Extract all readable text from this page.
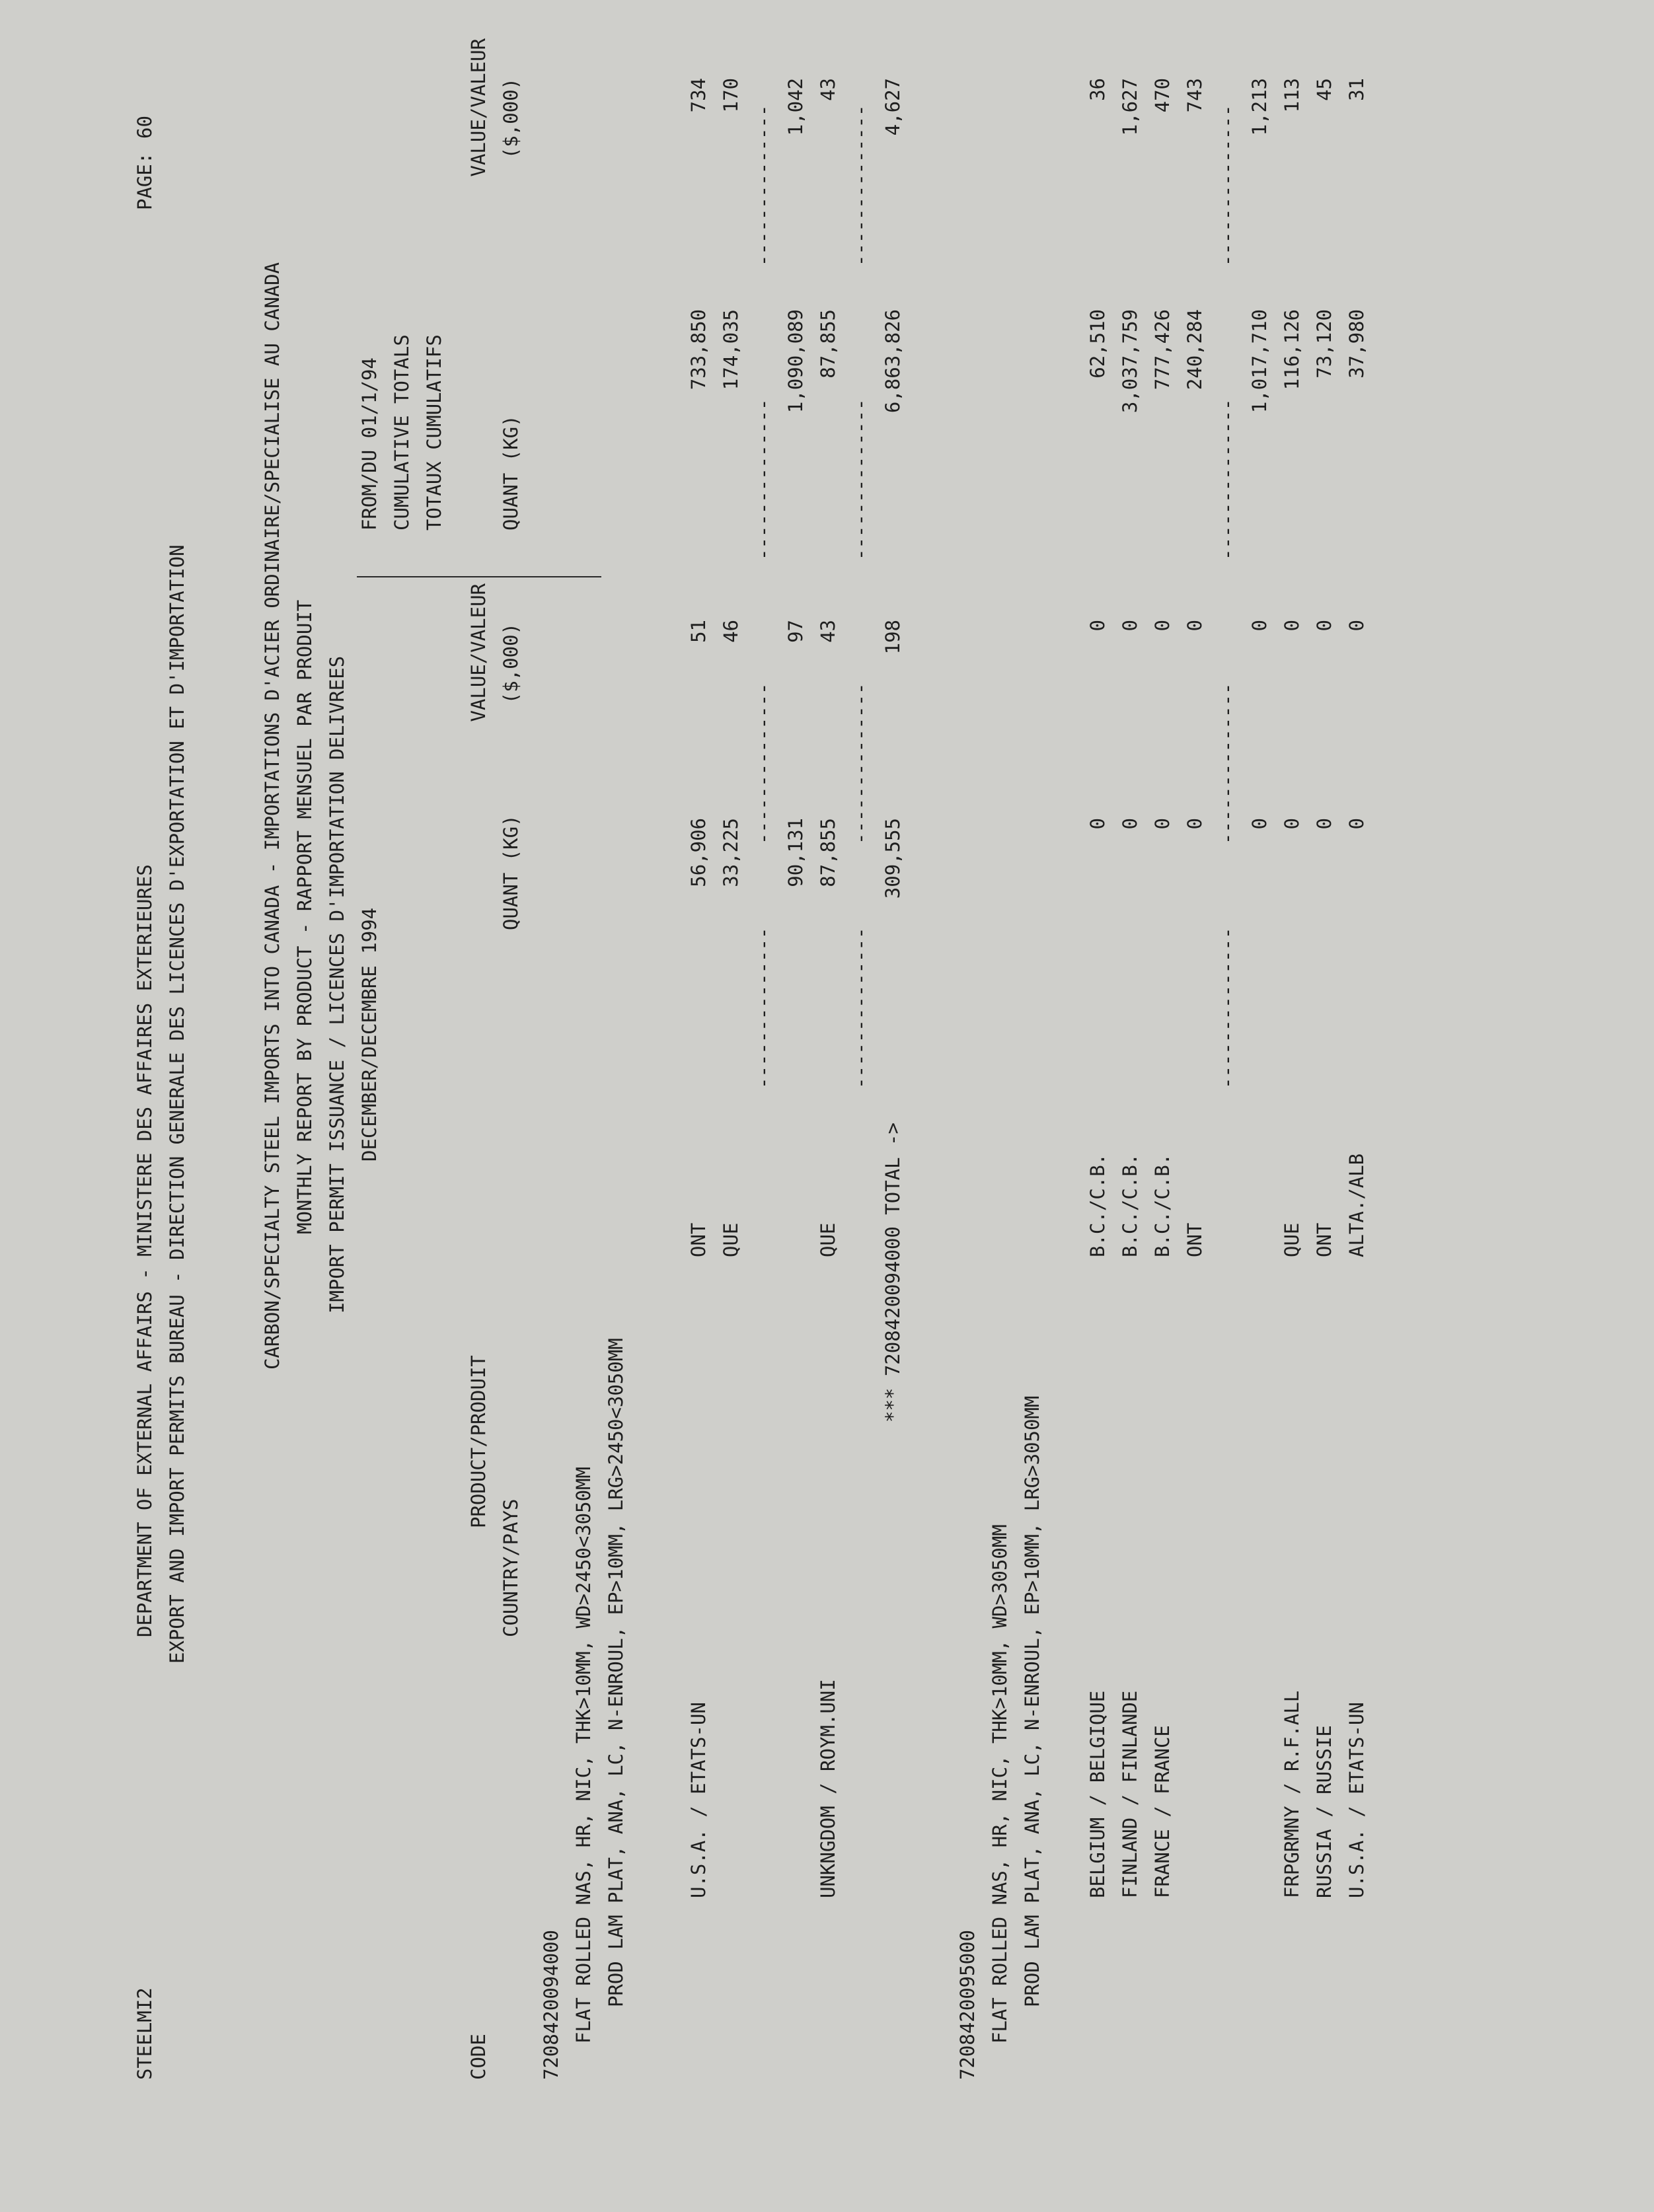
STEELMI2
DEPARTMENT OF EXTERNAL AFFAIRS - MINISTERE DES AFFAIRES EXTERIEURES EXPORT AND IMPORT PERMITS BUREAU - DIRECTION GENERALE DES LICENCES D'EXPORTATION ET D'IMPORTATION
PAGE:
60
CARBON/SPECIALTY STEEL IMPORTS INTO CANADA - IMPORTATIONS D'ACIER ORDINAIRE/SPECIALISE AU CANADA MONTHLY REPORT BY PRODUCT - RAPPORT MENSUEL PAR PRODUIT IMPORT PERMIT ISSUANCE / LICENCES D'IMPORTATION DELIVREES DECEMBER/DECEMBRE 1994
FROM/DU 01/1/94 CUMULATIVE TOTALS TOTAUX CUMULATIFS
CODE
PRODUCT/PRODUIT
COUNTRY/PAYS
QUANT (KG)
VALUE/VALEUR ($,000)
QUANT (KG)
VALUE/VALEUR ($,000)
7208420094000 FLAT ROLLED NAS, HR, NIC, THK>10MM, WD>2450<3050MM PROD LAM PLAT, ANA, LC, N-ENROUL, EP>10MM, LRG>2450<3050MM	U.S.A. / ETATS-UN
ONT
56,906
51
733,850
734
QUE
33,225
46
174,035
170
--------------
--------------
--------------
--------------
90,131
97
1,090,089
1,042
UNKNGDOM / ROYM.UNI
QUE
87,855
43
87,855
43
--------------
--------------
--------------
--------------
*** 7208420094000 TOTAL ->
309,555
198
6,863,826
4,627
7208420095000 FLAT ROLLED NAS, HR, NIC, THK>10MM, WD>3050MM PROD LAM PLAT, ANA, LC, N-ENROUL, EP>10MM, LRG>3050MM BELGIUM / BELGIQUE
B.C./C.B.
0
0
62,510
36
FINLAND / FINLANDE
B.C./C.B.
0
0
3,037,759
1,627
FRANCE / FRANCE
B.C./C.B.
0
0
777,426
470
ONT
0
0
240,284
743
--------------
--------------
--------------
--------------
0
0
1,017,710
1,213
FRPGRMNY / R.F.ALL
QUE
0
0
116,126
113
RUSSIA / RUSSIE
ONT
0
0
73,120
45
U.S.A. / ETATS-UN
ALTA./ALB
0
0
37,980
31
